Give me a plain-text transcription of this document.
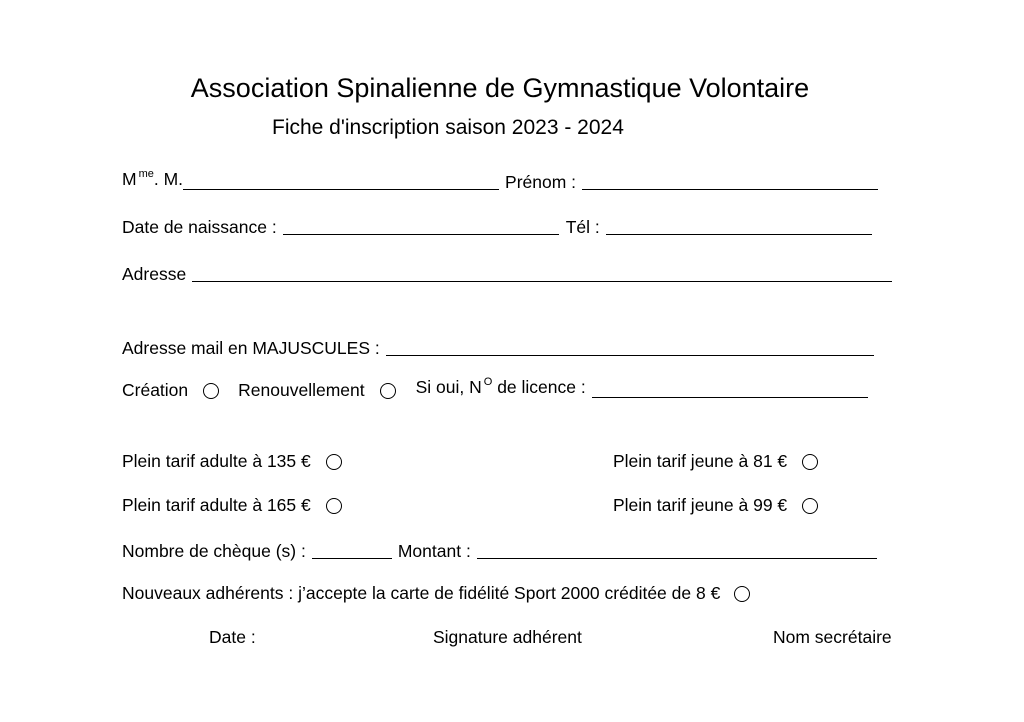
Association Spinalienne de Gymnastique Volontaire
Fiche d'inscription saison 2023 - 2024
M $^{me}$. M.	Prénom :
Date de naissance :	Tél :
Adresse
Adresse mail en MAJUSCULES :
Création	Renouvellement	Si oui, N $^O$ de licence :
Plein tarif adulte à 135 €	Plein tarif jeune à 81 €
Plein tarif adulte à 165 €	Plein tarif jeune à 99 €
Nombre de chèque (s) :	Montant :
Nouveaux adhérents : j’accepte la carte de fidélité Sport 2000 créditée de 8 €
Date :	Signature adhérent	Nom secrétaire
